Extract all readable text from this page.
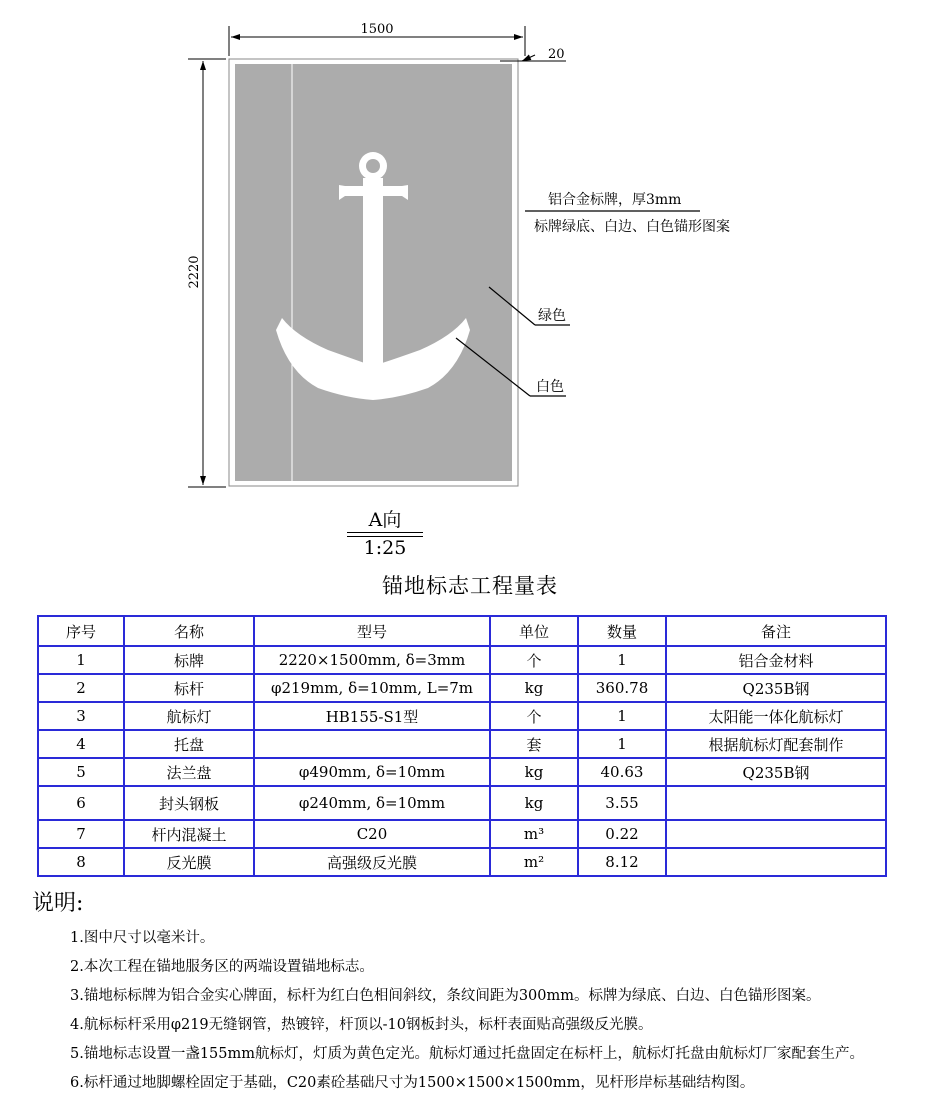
1500
20
2220
铝合金标牌，厚3mm
标牌绿底、白边、白色锚形图案
绿色
白色
A向
1:25
锚地标志工程量表
序号	名称	型号	单位	数量	备注
1	标牌	2220×1500mm, δ=3mm	个	1	铝合金材料
2	标杆	φ219mm, δ=10mm, L=7m	kg	360.78	Q235B钢
3	航标灯	HB155-S1型	个	1	太阳能一体化航标灯
4	托盘		套	1	根据航标灯配套制作
5	法兰盘	φ490mm, δ=10mm	kg	40.63	Q235B钢
6	封头钢板	φ240mm, δ=10mm	kg	3.55	
7	杆内混凝土	C20	m³	0.22	
8	反光膜	高强级反光膜	m²	8.12	
说明:
1.图中尺寸以毫米计。
2.本次工程在锚地服务区的两端设置锚地标志。
3.锚地标标牌为铝合金实心牌面，标杆为红白色相间斜纹，条纹间距为300mm。标牌为绿底、白边、白色锚形图案。
4.航标标杆采用φ219无缝钢管，热镀锌，杆顶以-10钢板封头，标杆表面贴高强级反光膜。
5.锚地标志设置一盏155mm航标灯，灯质为黄色定光。航标灯通过托盘固定在标杆上，航标灯托盘由航标灯厂家配套生产。
6.标杆通过地脚螺栓固定于基础，C20素砼基础尺寸为1500×1500×1500mm，见杆形岸标基础结构图。
